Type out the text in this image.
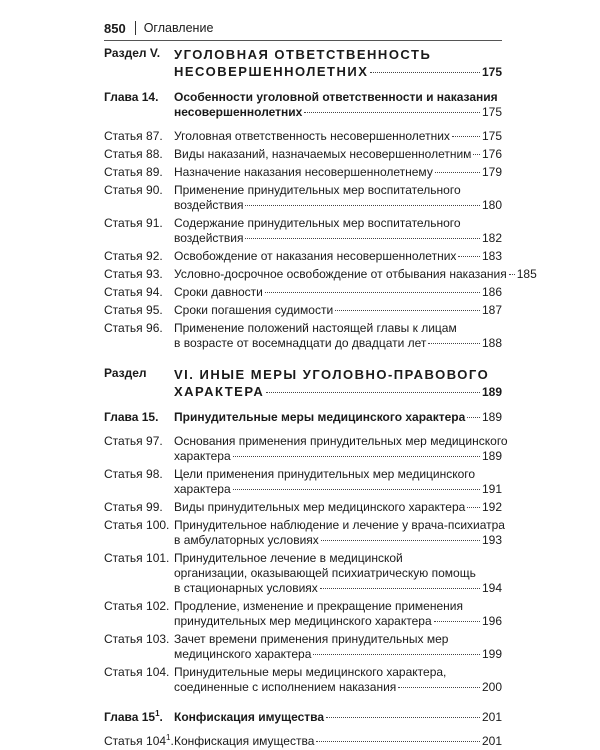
850 Оглавление
Раздел V.	УГОЛОВНАЯ ОТВЕТСТВЕННОСТЬ
НЕСОВЕРШЕННОЛЕТНИХ	175
Глава 14.	Особенности уголовной ответственности и наказания
несовершеннолетних	175
Статья 87. Уголовная ответственность несовершеннолетних	175
Статья 88. Виды наказаний, назначаемых несовершеннолетним 176
Статья 89. Назначение наказания несовершеннолетнему	179
Статья 90. Применение принудительных мер воспитательного
воздействия	180
Статья 91. Содержание принудительных мер воспитательного
воздействия	182
Статья 92. Освобождение от наказания несовершеннолетних 183
Статья 93. Условно-досрочное освобождение от отбывания наказания 185
Статья 94. Сроки давности	186
Статья 95. Сроки погашения судимости	187
Статья 96. Применение положений настоящей главы к лицам
в возрасте от восемнадцати до двадцати лет	188
Раздел	VI. ИНЫЕ МЕРЫ УГОЛОВНО-ПРАВОВОГО
ХАРАКТЕРА	189
Глава 15.	Принудительные меры медицинского характера 189
Статья 97. Основания применения принудительных мер медицинского
характера	189
Статья 98. Цели применения принудительных мер медицинского
характера	191
Статья 99. Виды принудительных мер медицинского характера 192
Статья 100. Принудительное наблюдение и лечение у врача-психиатра
в амбулаторных условиях	193
Статья 101. Принудительное лечение в медицинской
организации, оказывающей психиатрическую помощь
в стационарных условиях	194
Статья 102. Продление, изменение и прекращение применения
принудительных мер медицинского характера	196
Статья 103. Зачет времени применения принудительных мер
медицинского характера	199
Статья 104. Принудительные меры медицинского характера,
соединенные с исполнением наказания	200
Глава $15^1$. Конфискация имущества	201
Статья $104^1$. Конфискация имущества	201
